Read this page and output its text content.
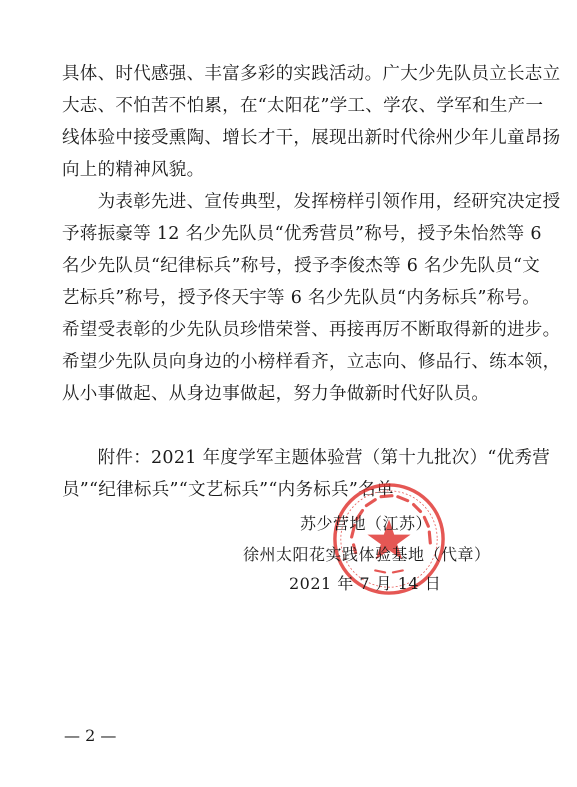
具体、时代感强、丰富多彩的实践活动。广大少先队员立长志立
大志、不怕苦不怕累，在“太阳花”学工、学农、学军和生产一
线体验中接受熏陶、增长才干，展现出新时代徐州少年儿童昂扬
向上的精神风貌。
　　为表彰先进、宣传典型，发挥榜样引领作用，经研究决定授
予蒋振豪等 12 名少先队员“优秀营员”称号，授予朱怡然等 6
名少先队员“纪律标兵”称号，授予李俊杰等 6 名少先队员“文
艺标兵”称号，授予佟天宇等 6 名少先队员“内务标兵”称号。
希望受表彰的少先队员珍惜荣誉、再接再厉不断取得新的进步。
希望少先队员向身边的小榜样看齐，立志向、修品行、练本领，
从小事做起、从身边事做起，努力争做新时代好队员。
　　附件：2021 年度学军主题体验营（第十九批次）“优秀营
员”“纪律标兵”“文艺标兵”“内务标兵”名单
苏少营地（江苏）
徐州太阳花实践体验基地（代章）
2021 年 7 月 14 日
— 2 —
